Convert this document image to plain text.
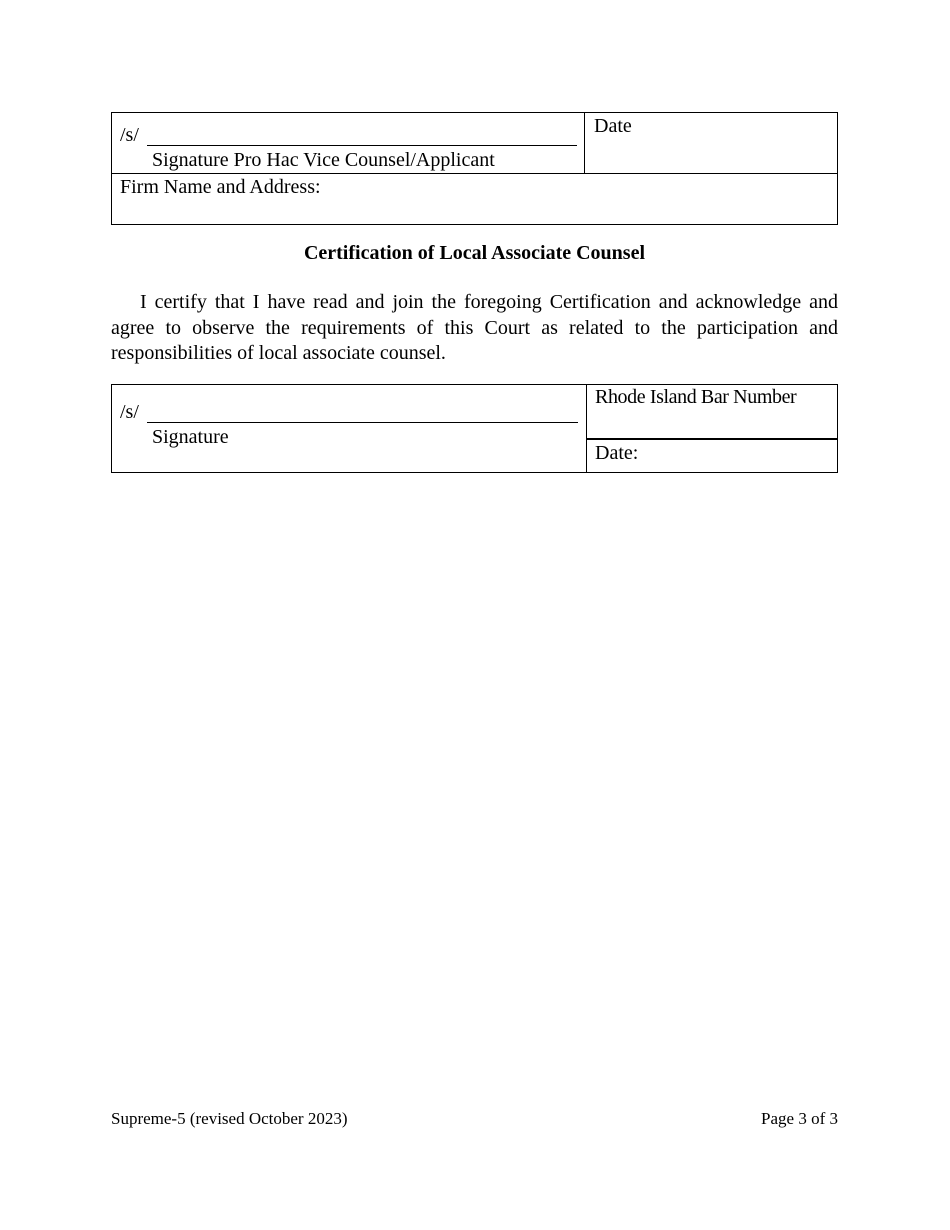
/s/
Signature Pro Hac Vice Counsel/Applicant
Date
Firm Name and Address:
Certification of Local Associate Counsel
I certify that I have read and join the foregoing Certification and acknowledge and agree to observe the requirements of this Court as related to the participation and responsibilities of local associate counsel.
/s/
Signature
Rhode Island Bar Number
Date:
Supreme-5 (revised October 2023)	Page 3 of 3
